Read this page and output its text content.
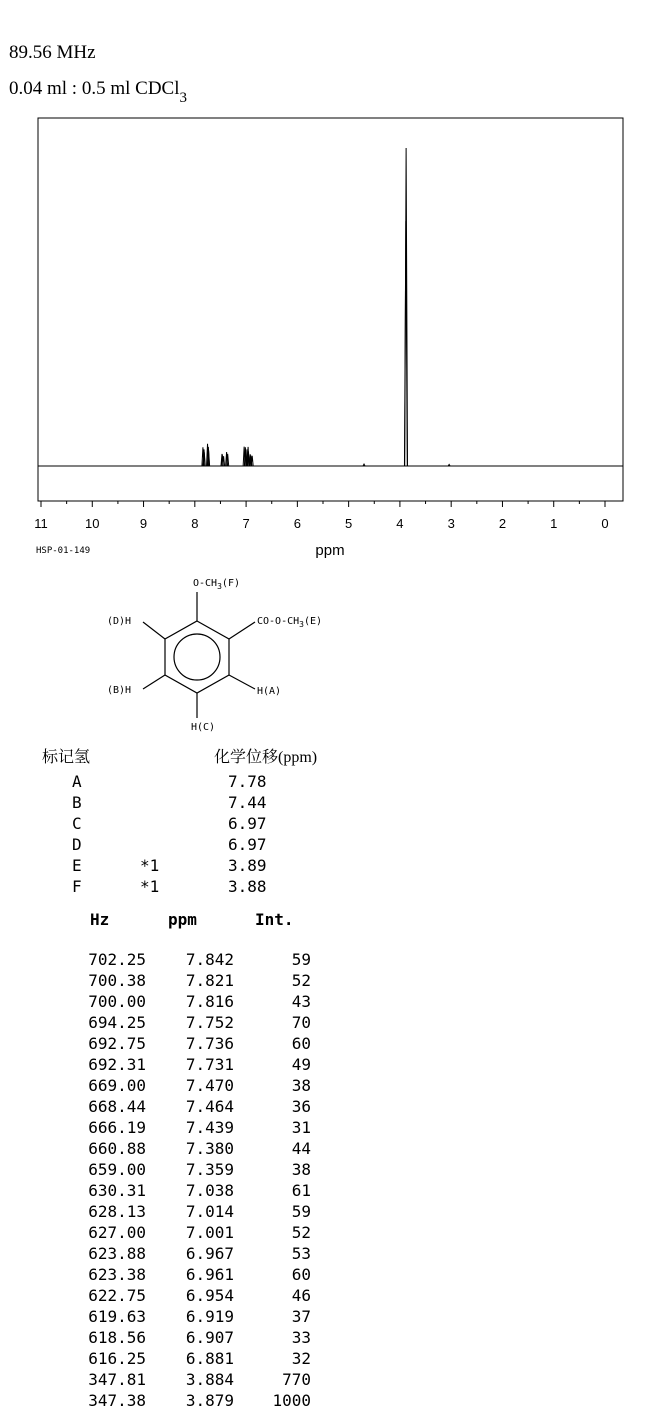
89.56 MHz
0.04 ml : 0.5 ml CDCl$_3$
11	10	9	8	7	6	5	4	3	2	1	0
ppm
HSP-01-149
$O-CH_3(F)$
$CO-O-CH_3(E)$
(D)H
(B)H	H(A)
H(C)
标记氢	化学位移(ppm)
A	7.78
B	7.44
C	6.97
D	6.97
E	*1	3.89
F	*1	3.88
Hz	ppm	Int.
702.25	7.842	59
700.38	7.821	52
700.00	7.816	43
694.25	7.752	70
692.75	7.736	60
692.31	7.731	49
669.00	7.470	38
668.44	7.464	36
666.19	7.439	31
660.88	7.380	44
659.00	7.359	38
630.31	7.038	61
628.13	7.014	59
627.00	7.001	52
623.88	6.967	53
623.38	6.961	60
622.75	6.954	46
619.63	6.919	37
618.56	6.907	33
616.25	6.881	32
347.81	3.884	770
347.38	3.879	1000
